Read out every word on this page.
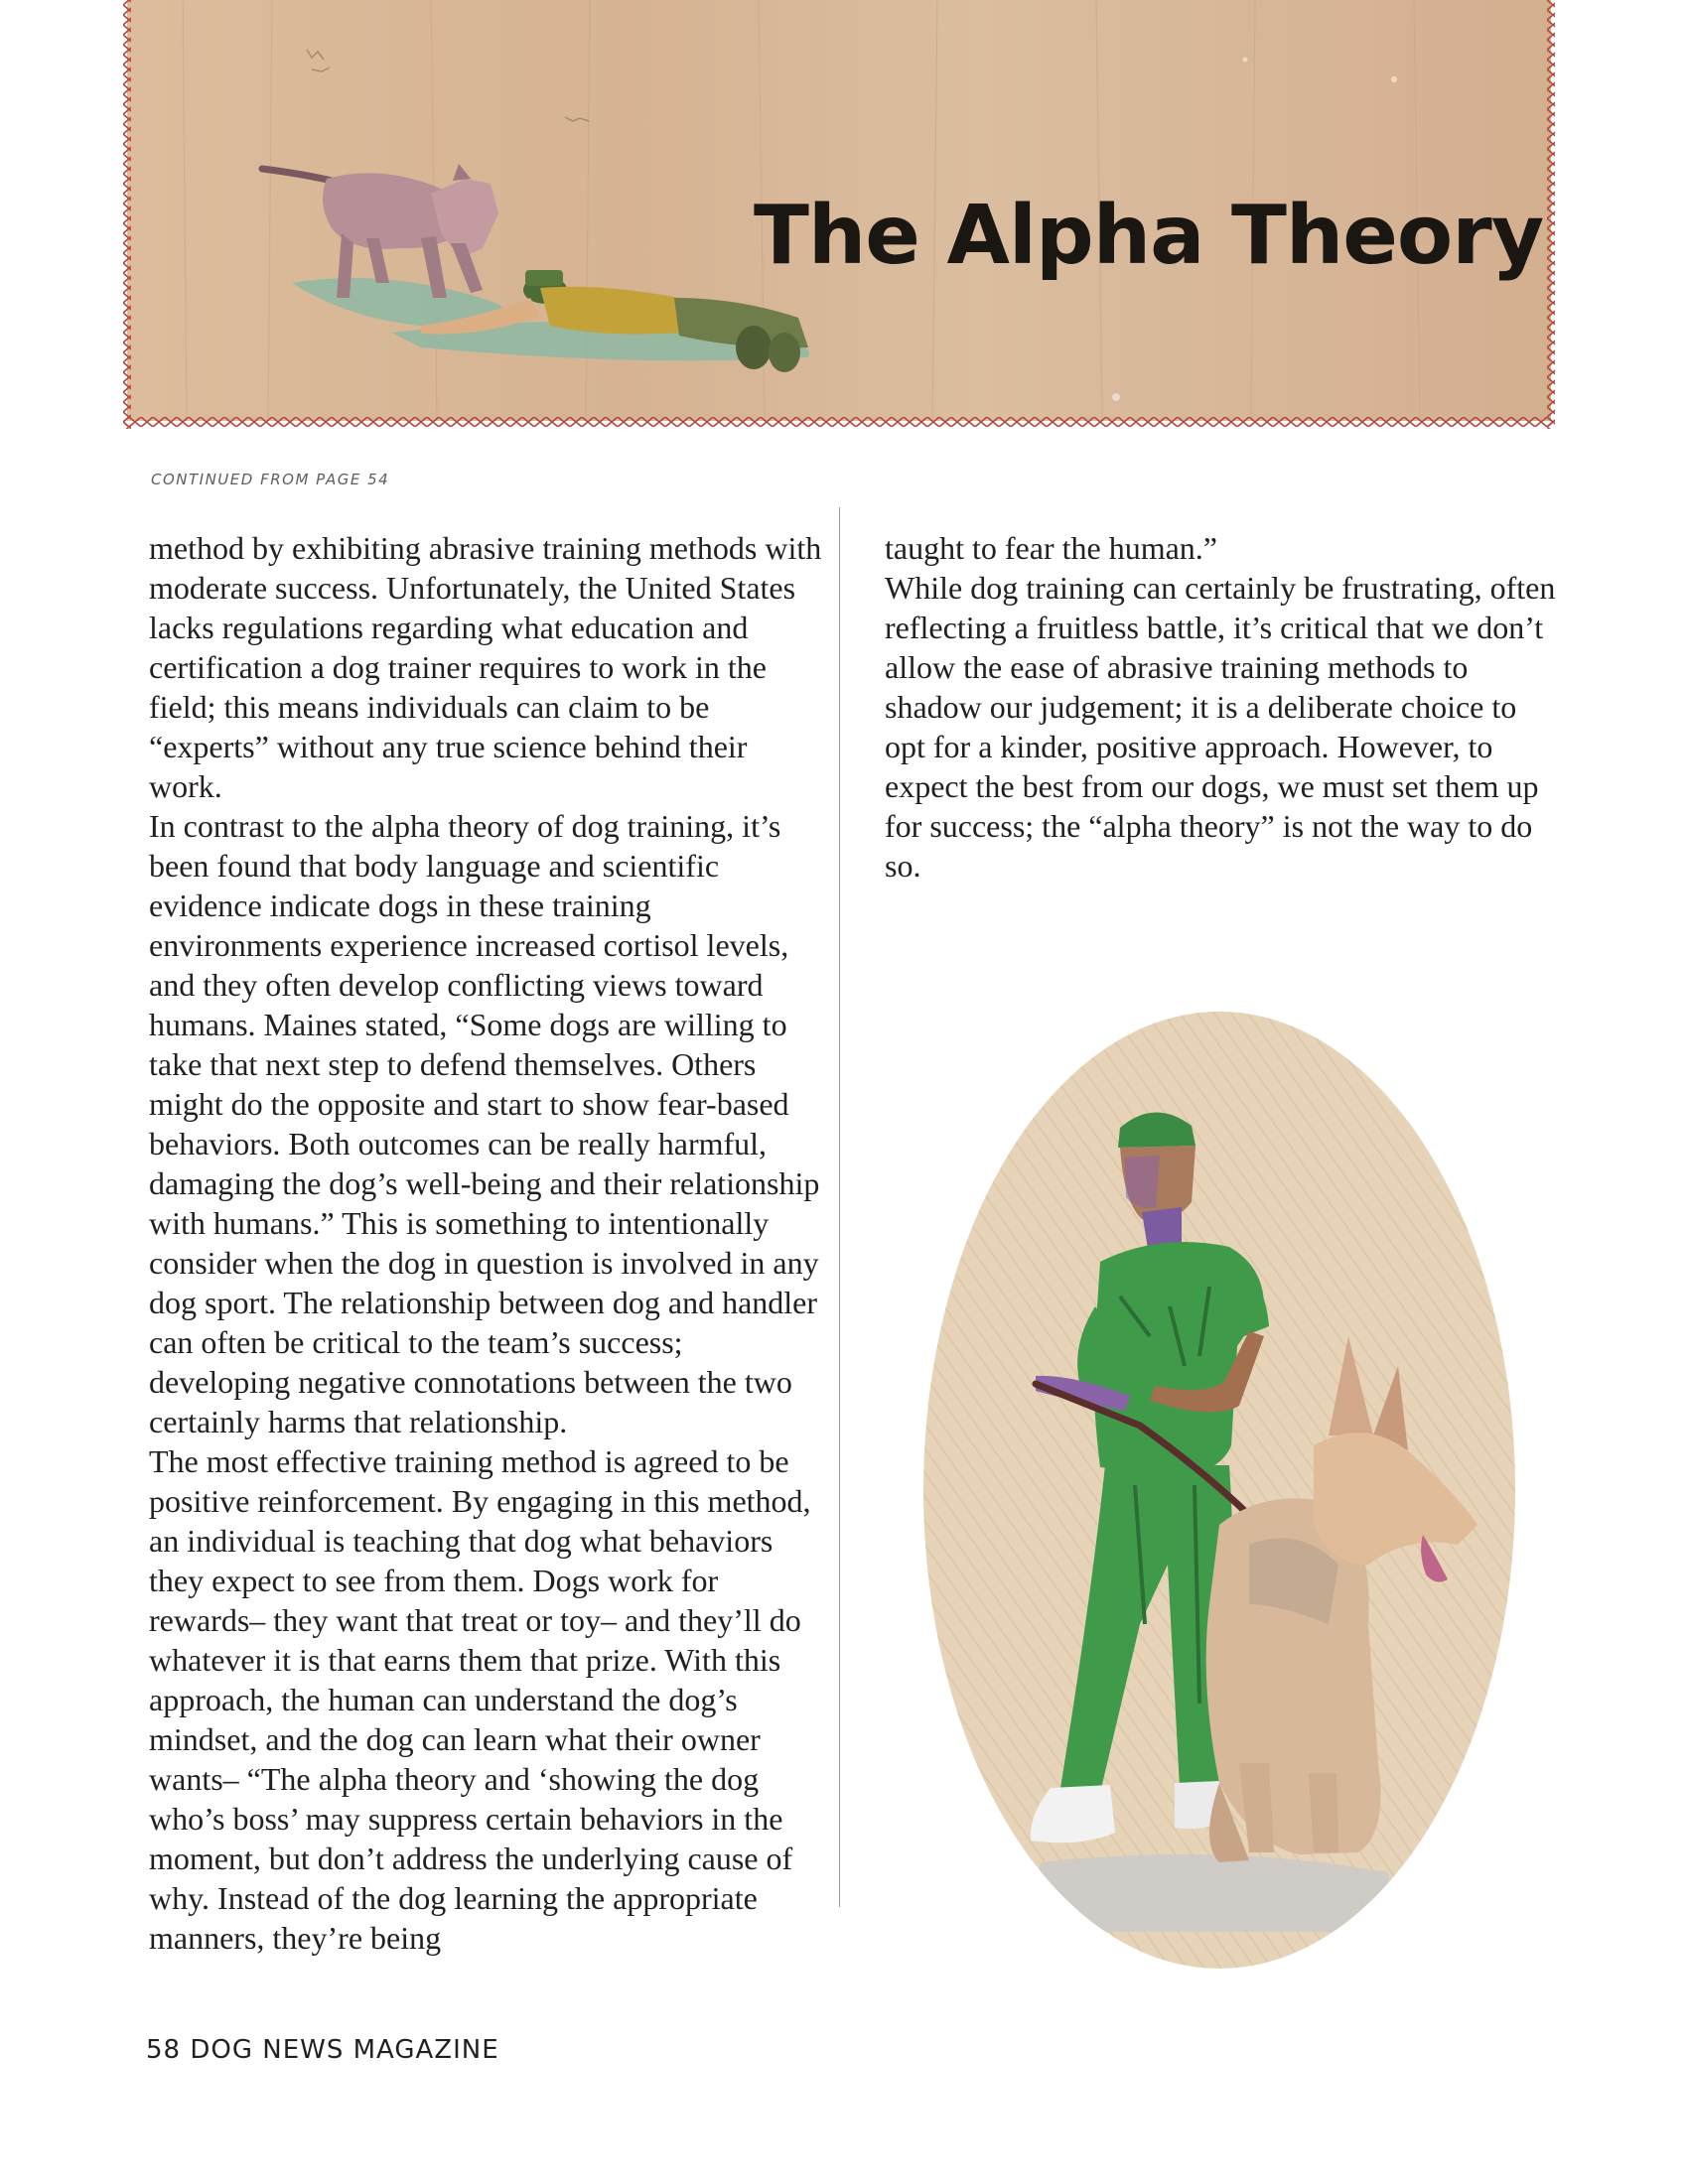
The Alpha Theory
CONTINUED FROM PAGE 54

method by exhibiting abrasive training methods with moderate success. Unfortunately, the United States lacks regulations regarding what education and certification a dog trainer requires to work in the field; this means individuals can claim to be “experts” without any true science behind their work.

In contrast to the alpha theory of dog training, it’s been found that body language and scientific evidence indicate dogs in these training environments experience increased cortisol levels, and they often develop conflicting views toward humans. Maines stated, “Some dogs are willing to take that next step to defend themselves. Others might do the opposite and start to show fear-based behaviors. Both outcomes can be really harmful, damaging the dog’s well-being and their relationship with humans.” This is something to intentionally consider when the dog in question is involved in any dog sport. The relationship between dog and handler can often be critical to the team’s success; developing negative connotations between the two certainly harms that relationship.

The most effective training method is agreed to be positive reinforcement. By engaging in this method, an individual is teaching that dog what behaviors they expect to see from them. Dogs work for rewards– they want that treat or toy– and they’ll do whatever it is that earns them that prize. With this approach, the human can understand the dog’s mindset, and the dog can learn what their owner wants– “The alpha theory and ‘showing the dog who’s boss’ may suppress certain behaviors in the moment, but don’t address the underlying cause of why. Instead of the dog learning the appropriate manners, they’re being

taught to fear the human.”

While dog training can certainly be frustrating, often reflecting a fruitless battle, it’s critical that we don’t allow the ease of abrasive training methods to shadow our judgement; it is a deliberate choice to opt for a kinder, positive approach. However, to expect the best from our dogs, we must set them up for success; the “alpha theory” is not the way to do so.

58 DOG NEWS MAGAZINE
